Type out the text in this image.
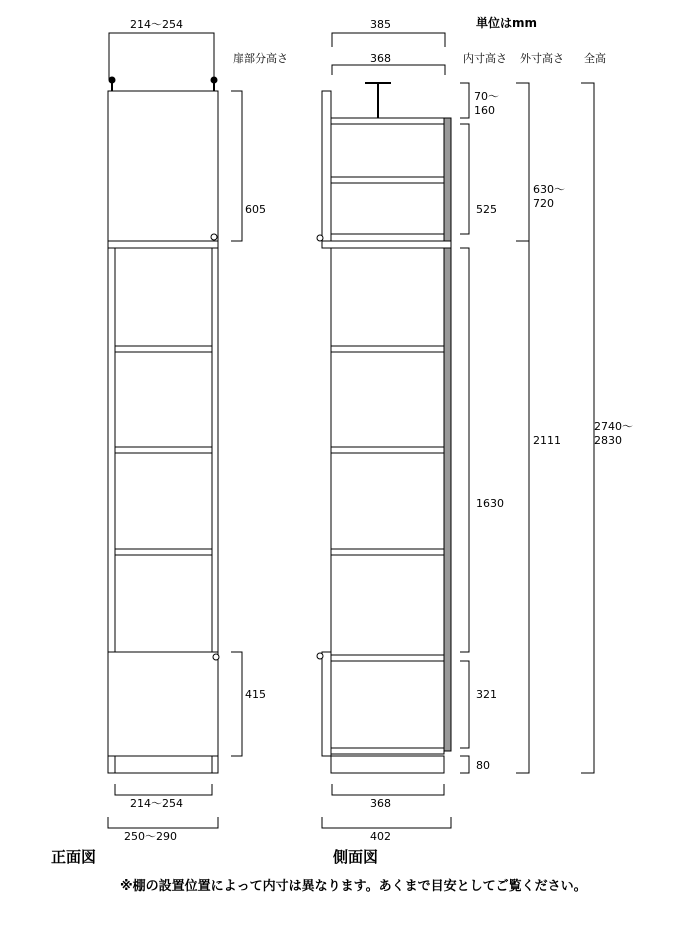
単位はmm
扉部分高さ	内寸高さ 外寸高さ 全高
214〜254
605
415
214〜254
250〜290
正面図
385
368
368
402
側面図
70〜
160
525
1630
321
80
630〜
720
2111
2740〜
2830
※棚の設置位置によって内寸は異なります。あくまで目安としてご覧ください。
